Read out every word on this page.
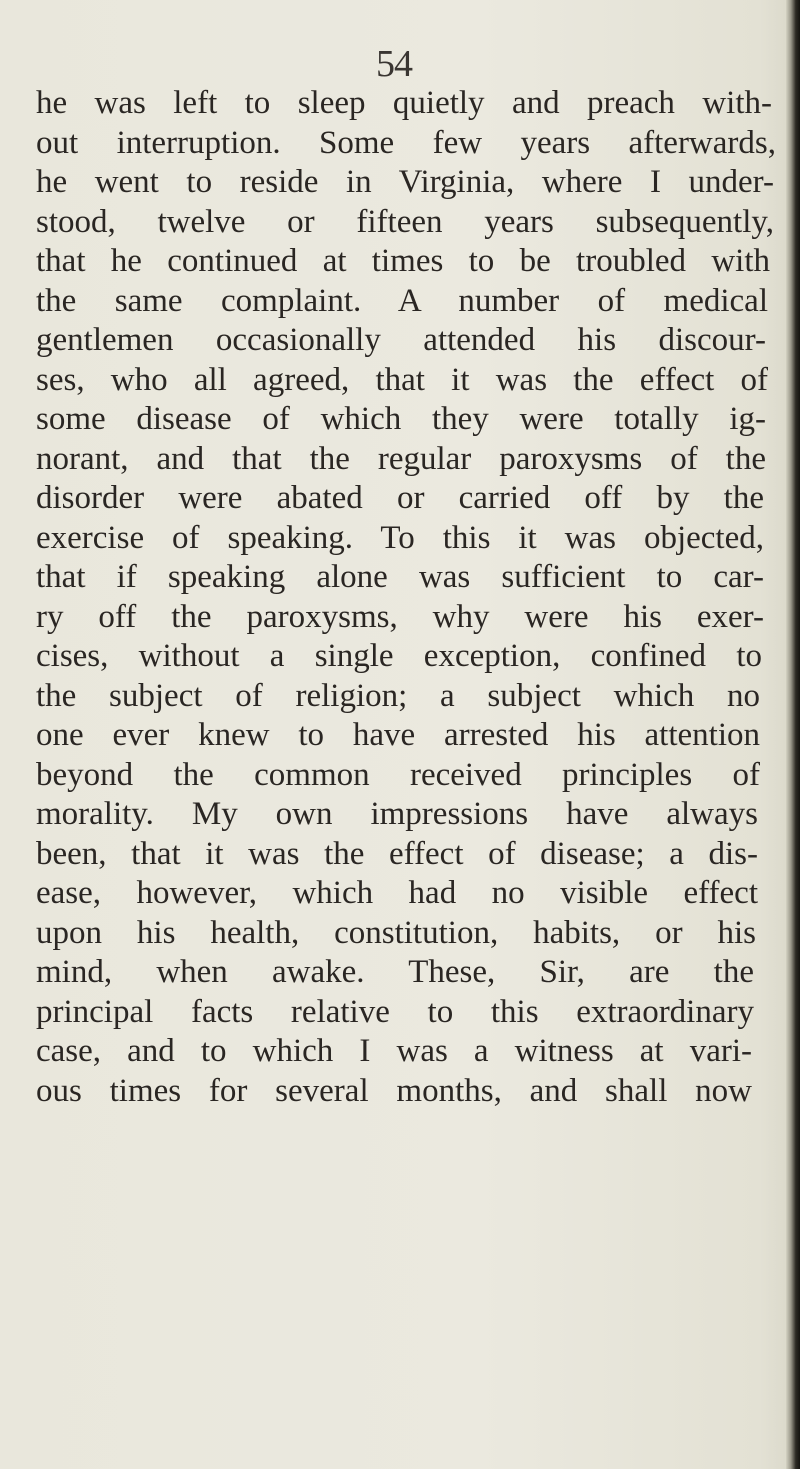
54
he was left to sleep quietly and preach with-
out interruption. Some few years afterwards,
he went to reside in Virginia, where I under-
stood, twelve or fifteen years subsequently,
that he continued at times to be troubled with
the same complaint. A number of medical
gentlemen occasionally attended his discour-
ses, who all agreed, that it was the effect of
some disease of which they were totally ig-
norant, and that the regular paroxysms of the
disorder were abated or carried off by the
exercise of speaking. To this it was objected,
that if speaking alone was sufficient to car-
ry off the paroxysms, why were his exer-
cises, without a single exception, confined to
the subject of religion; a subject which no
one ever knew to have arrested his attention
beyond the common received principles of
morality. My own impressions have always
been, that it was the effect of disease; a dis-
ease, however, which had no visible effect
upon his health, constitution, habits, or his
mind, when awake. These, Sir, are the
principal facts relative to this extraordinary
case, and to which I was a witness at vari-
ous times for several months, and shall now
